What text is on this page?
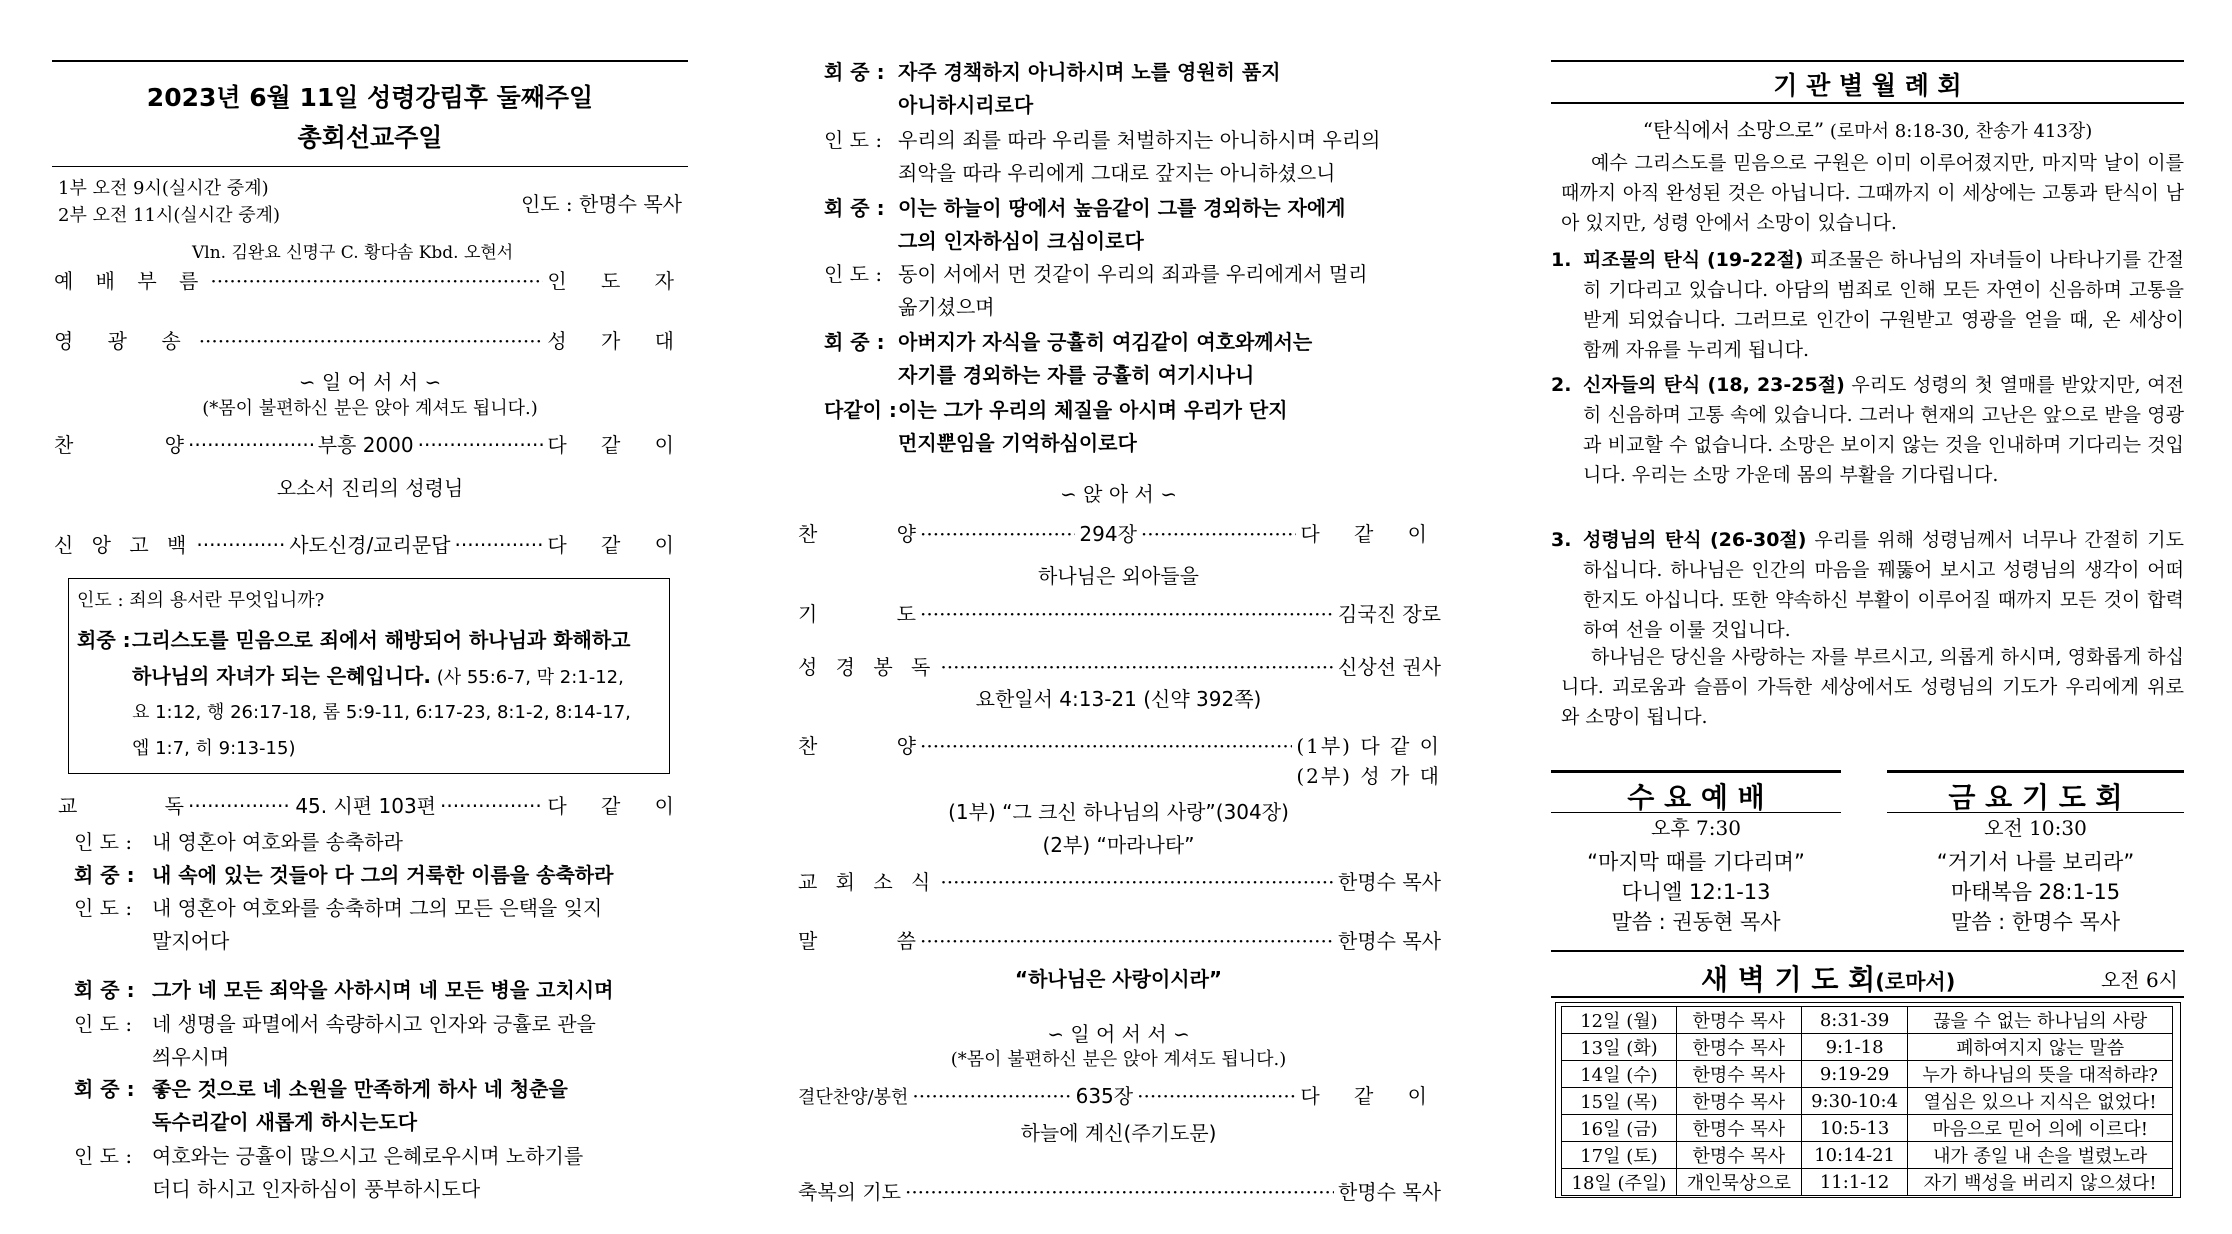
2023년 6월 11일 성령강림후 둘째주일
총회선교주일
1부 오전 9시(실시간 중계)
2부 오전 11시(실시간 중계)	인도 : 한명수 목사
Vln. 김완요 신명구 C. 황다솜 Kbd. 오현서
예 배 부 름 ·····	인 도 자
영 광 송 ·····	성 가 대
∽ 일 어 서 서 ∽
(*몸이 불편하신 분은 앉아 계셔도 됩니다.)
찬	양 ·····	부흥 2000 ·····	다 같 이
오소서 진리의 성령님
신 앙 고 백 ·····	사도신경/교리문답 ·····	다 같 이
인도 : 죄의 용서란 무엇입니까?
회중 : 그리스도를 믿음으로 죄에서 해방되어 하나님과 화해하고
하나님의 자녀가 되는 은혜입니다. (사 55:6-7, 막 2:1-12,
요 1:12, 행 26:17-18, 롬 5:9-11, 6:17-23, 8:1-2, 8:14-17,
엡 1:7, 히 9:13-15)
교	독 ·····	45. 시편 103편 ·····	다 같 이
인 도 : 내 영혼아 여호와를 송축하라
회 중 : 내 속에 있는 것들아 다 그의 거룩한 이름을 송축하라
인 도 : 내 영혼아 여호와를 송축하며 그의 모든 은택을 잊지
말지어다
회 중 : 그가 네 모든 죄악을 사하시며 네 모든 병을 고치시며
인 도 : 네 생명을 파멸에서 속량하시고 인자와 긍휼로 관을
씌우시며
회 중 : 좋은 것으로 네 소원을 만족하게 하사 네 청춘을
독수리같이 새롭게 하시는도다
인 도 : 여호와는 긍휼이 많으시고 은혜로우시며 노하기를
더디 하시고 인자하심이 풍부하시도다
회 중 : 자주 경책하지 아니하시며 노를 영원히 품지
아니하시리로다
인 도 : 우리의 죄를 따라 우리를 처벌하지는 아니하시며 우리의
죄악을 따라 우리에게 그대로 갚지는 아니하셨으니
회 중 : 이는 하늘이 땅에서 높음같이 그를 경외하는 자에게
그의 인자하심이 크심이로다
인 도 : 동이 서에서 먼 것같이 우리의 죄과를 우리에게서 멀리
옮기셨으며
회 중 : 아버지가 자식을 긍휼히 여김같이 여호와께서는
자기를 경외하는 자를 긍휼히 여기시나니
다같이 : 이는 그가 우리의 체질을 아시며 우리가 단지
먼지뿐임을 기억하심이로다
∽ 앉 아 서 ∽
찬	양 ·····	294장 ·····	다 같 이
하나님은 외아들을
기	도 ·····	김국진 장로
성 경 봉 독 ·····	신상선 권사
요한일서 4:13-21 (신약 392쪽)
찬	양 ·····	(1부) 다 같 이
(2부) 성 가 대
(1부) “그 크신 하나님의 사랑”(304장)
(2부) “마라나타”
교 회 소 식 ·····	한명수 목사
말	씀 ·····	한명수 목사
“하나님은 사랑이시라”
∽ 일 어 서 서 ∽
(*몸이 불편하신 분은 앉아 계셔도 됩니다.)
결단찬양/봉헌 ·····	635장 ·····	다 같 이
하늘에 계신(주기도문)
축복의 기도 ·····	한명수 목사
기 관 별 월 례 회
“탄식에서 소망으로” (로마서 8:18-30, 찬송가 413장)
예수 그리스도를 믿음으로 구원은 이미 이루어졌지만, 마지막 날이 이를 때까지 아직 완성된 것은 아닙니다. 그때까지 이 세상에는 고통과 탄식이 남아 있지만, 성령 안에서 소망이 있습니다.
1. 피조물의 탄식 (19-22절) 피조물은 하나님의 자녀들이 나타나기를 간절히 기다리고 있습니다. 아담의 범죄로 인해 모든 자연이 신음하며 고통을 받게 되었습니다. 그러므로 인간이 구원받고 영광을 얻을 때, 온 세상이 함께 자유를 누리게 됩니다.
2. 신자들의 탄식 (18, 23-25절) 우리도 성령의 첫 열매를 받았지만, 여전히 신음하며 고통 속에 있습니다. 그러나 현재의 고난은 앞으로 받을 영광과 비교할 수 없습니다. 소망은 보이지 않는 것을 인내하며 기다리는 것입니다. 우리는 소망 가운데 몸의 부활을 기다립니다.
3. 성령님의 탄식 (26-30절) 우리를 위해 성령님께서 너무나 간절히 기도하십니다. 하나님은 인간의 마음을 꿰뚫어 보시고 성령님의 생각이 어떠한지도 아십니다. 또한 약속하신 부활이 이루어질 때까지 모든 것이 합력하여 선을 이룰 것입니다.
하나님은 당신을 사랑하는 자를 부르시고, 의롭게 하시며, 영화롭게 하십니다. 괴로움과 슬픔이 가득한 세상에서도 성령님의 기도가 우리에게 위로와 소망이 됩니다.
수 요 예 배
오후 7:30
“마지막 때를 기다리며”
다니엘 12:1-13
말씀 : 권동현 목사
금 요 기 도 회
오전 10:30
“거기서 나를 보리라”
마태복음 28:1-15
말씀 : 한명수 목사
새 벽 기 도 회(로마서)	오전 6시
12일 (월)	한명수 목사	8:31-39	끊을 수 없는 하나님의 사랑
13일 (화)	한명수 목사	9:1-18	폐하여지지 않는 말씀
14일 (수)	한명수 목사	9:19-29	누가 하나님의 뜻을 대적하랴?
15일 (목)	한명수 목사	9:30-10:4	열심은 있으나 지식은 없었다!
16일 (금)	한명수 목사	10:5-13	마음으로 믿어 의에 이르다!
17일 (토)	한명수 목사	10:14-21	내가 종일 내 손을 벌렸노라
18일 (주일)	개인묵상으로	11:1-12	자기 백성을 버리지 않으셨다!
